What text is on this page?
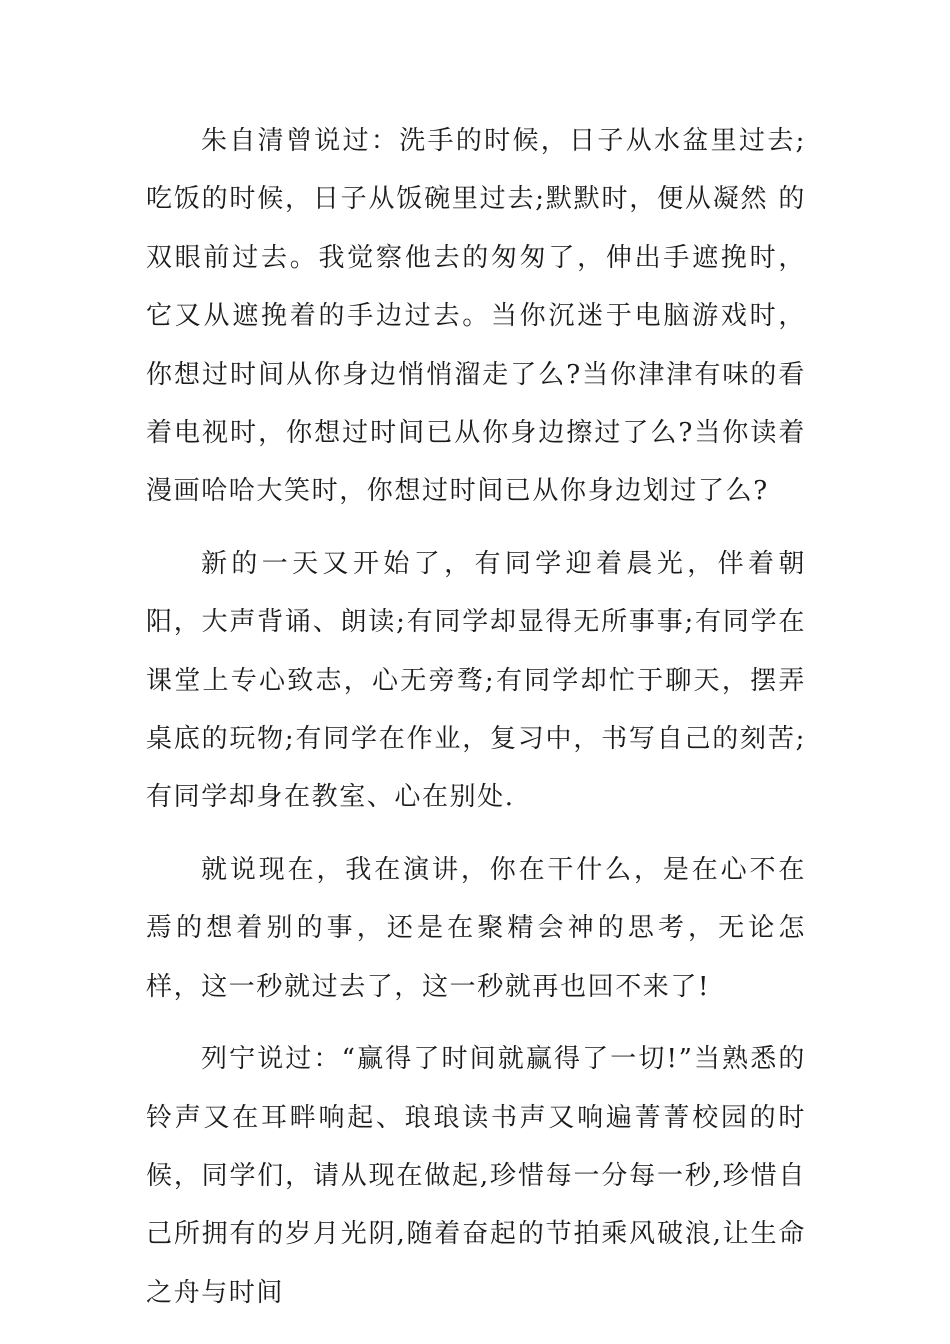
朱自清曾说过：洗手的时候，日子从水盆里过去;吃饭的时候，日子从饭碗里过去;默默时，便从凝然 的双眼前过去。我觉察他去的匆匆了，伸出手遮挽时，它又从遮挽着的手边过去。当你沉迷于电脑游戏时，你想过时间从你身边悄悄溜走了么?当你津津有味的看着电视时，你想过时间已从你身边擦过了么?当你读着漫画哈哈大笑时，你想过时间已从你身边划过了么?

新的一天又开始了，有同学迎着晨光，伴着朝阳，大声背诵、朗读;有同学却显得无所事事;有同学在课堂上专心致志，心无旁骛;有同学却忙于聊天，摆弄桌底的玩物;有同学在作业，复习中，书写自己的刻苦;有同学却身在教室、心在别处.

就说现在，我在演讲，你在干什么，是在心不在焉的想着别的事，还是在聚精会神的思考，无论怎样，这一秒就过去了，这一秒就再也回不来了!

列宁说过：“赢得了时间就赢得了一切!”当熟悉的铃声又在耳畔响起、琅琅读书声又响遍菁菁校园的时候，同学们，请从现在做起,珍惜每一分每一秒,珍惜自己所拥有的岁月光阴,随着奋起的节拍乘风破浪,让生命之舟与时间
